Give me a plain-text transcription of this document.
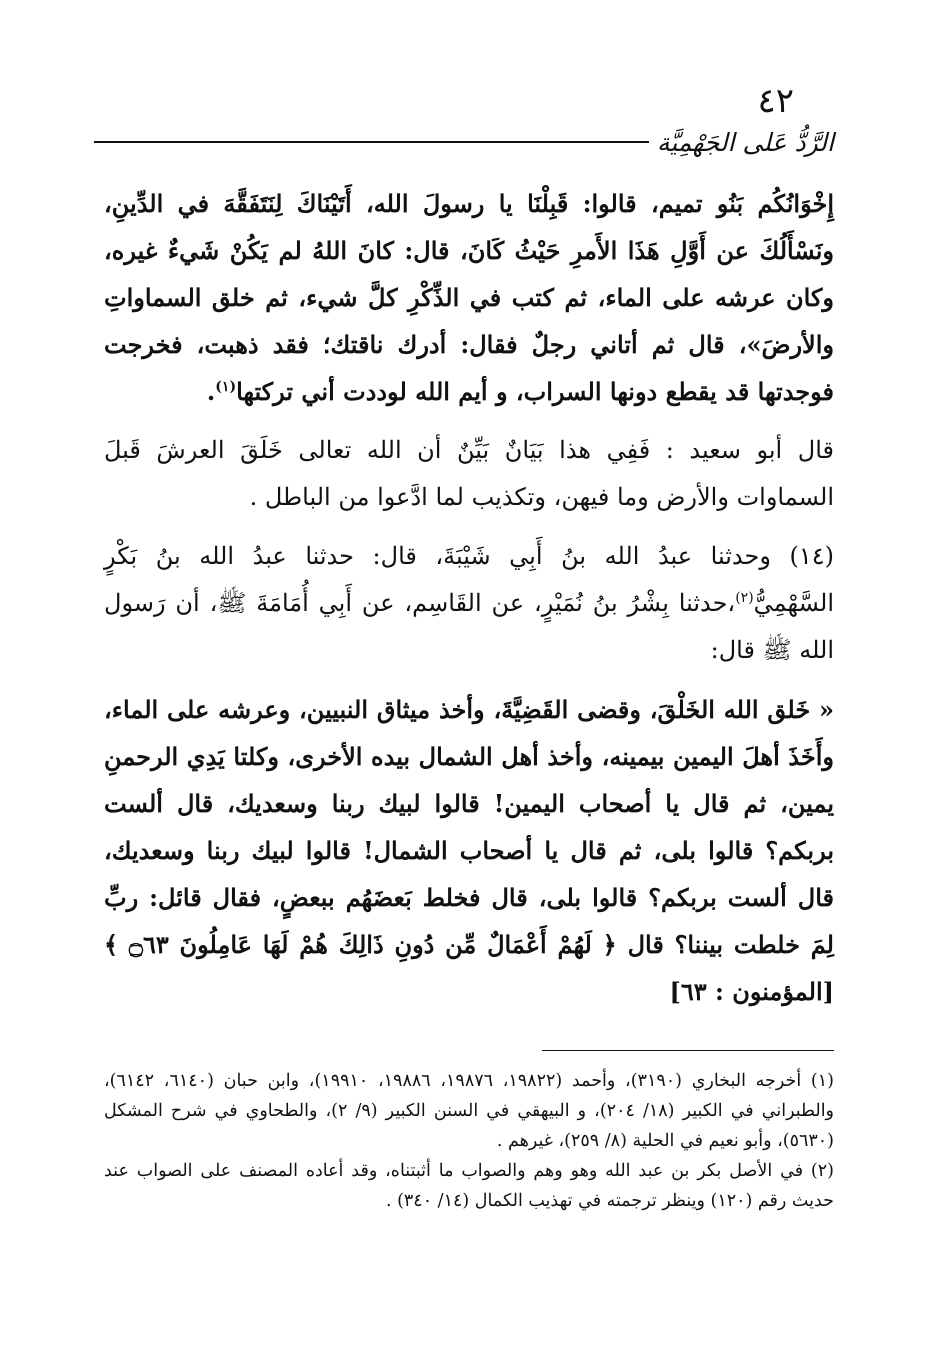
٤٢
الرَّدُّ عَلى الجَهْمِيَّة

إِخْوَانُكُم بَنُو تميم، قالوا: قَبِلْنَا يا رسولَ الله، أَتَيْنَاكَ لِنَتَفَقَّهَ في الدِّينِ، ونَسْأَلُكَ عن أَوَّلِ هَذَا الأَمرِ حَيْثُ كَانَ، قال: كانَ اللهُ لم يَكُنْ شَيءٌ غيره، وكان عرشه على الماء، ثم كتب في الذِّكْرِ كلَّ شيء، ثم خلق السماواتِ والأرضَ»، قال ثم أتاني رجلٌ فقال: أدرك ناقتك؛ فقد ذهبت، فخرجت فوجدتها قد يقطع دونها السراب، و أيم الله لوددت أني تركتها$^{(١)}$.

قال أبو سعيد : فَفِي هذا بَيَانٌ بَيِّنٌ أن الله تعالى خَلَقَ العرشَ قَبلَ السماوات والأرض وما فيهن، وتكذيب لما ادَّعوا من الباطل .

(١٤) وحدثنا عبدُ الله بنُ أَبِي شَيْبَةَ، قال: حدثنا عبدُ الله بنُ بَكْرٍ السَّهْمِيُّ$^{(٢)}$،حدثنا بِشْرُ بنُ نُمَيْرٍ، عن القَاسِم، عن أَبِي أُمَامَةَ ﷺ، أن رَسول الله ﷺ قال:

« خَلق الله الخَلْقَ، وقضى القَضِيَّةَ، وأخذ ميثاق النبيين، وعرشه على الماء، وأَخَذَ أهلَ اليمين بيمينه، وأخذ أهل الشمال بيده الأخرى، وكلتا يَدِي الرحمنِ يمين، ثم قال يا أصحاب اليمين! قالوا لبيك ربنا وسعديك، قال ألست بربكم؟ قالوا بلى، ثم قال يا أصحاب الشمال! قالوا لبيك ربنا وسعديك، قال ألست بربكم؟ قالوا بلى، قال فخلط بَعضَهُم ببعضٍ، فقال قائل: ربِّ لِمَ خلطت بيننا؟ قال ﴿ لَهُمْ أَعْمَالٌ مِّن دُونِ ذَالِكَ هُمْ لَهَا عَامِلُونَ ۝٦٣ ﴾[المؤمنون : ٦٣]

(١) أخرجه البخاري (٣١٩٠)، وأحمد (١٩٨٢٢، ١٩٨٧٦، ١٩٨٨٦، ١٩٩١٠)، وابن حبان (٦١٤٠، ٦١٤٢)، والطبراني في الكبير (١٨/ ٢٠٤)، و البيهقي في السنن الكبير (٩/ ٢)، والطحاوي في شرح المشكل (٥٦٣٠)، وأبو نعيم في الحلية (٨/ ٢٥٩)، غيرهم .

(٢) في الأصل بكر بن عبد الله وهو وهم والصواب ما أثبتناه، وقد أعاده المصنف على الصواب عند حديث رقم (١٢٠) وينظر ترجمته في تهذيب الكمال (١٤/ ٣٤٠) .
